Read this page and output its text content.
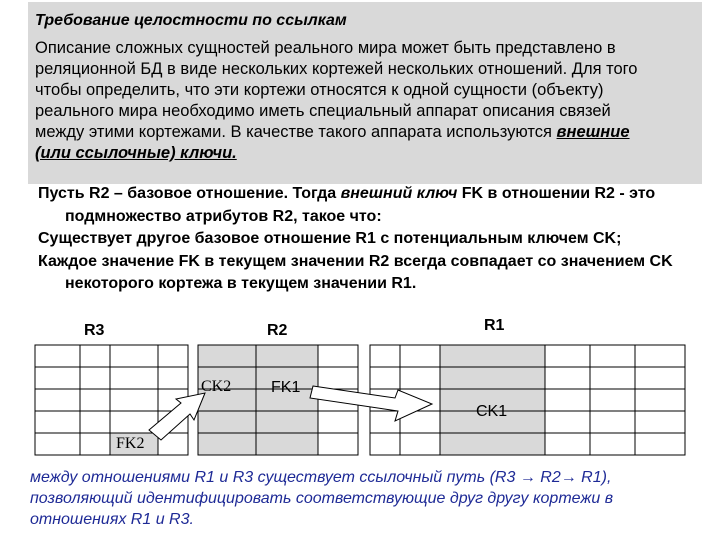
Требование целостности по ссылкам
Описание сложных сущностей реального мира может быть представлено в
реляционной БД в виде нескольких кортежей нескольких отношений. Для того
чтобы определить, что эти кортежи относятся к одной сущности (объекту)
реального мира необходимо иметь специальный аппарат описания связей
между этими кортежами. В качестве такого аппарата используются внешние
(или ссылочные) ключи.

Пусть R2 – базовое отношение. Тогда внешний ключ FK в отношении R2 - это подмножество атрибутов R2, такое что:

Существует другое базовое отношение R1 с потенциальным ключем CK;

Каждое значение FK в текущем значении R2 всегда совпадает со значением CK некоторого кортежа в текущем значении R1.

R3	R2	R1
CK2 FK1
CK1
FK2
между отношениями R1 и R3 существует ссылочный путь (R3 → R2→ R1),
позволяющий идентифицировать соответствующие друг другу кортежи в
отношениях R1 и R3.
